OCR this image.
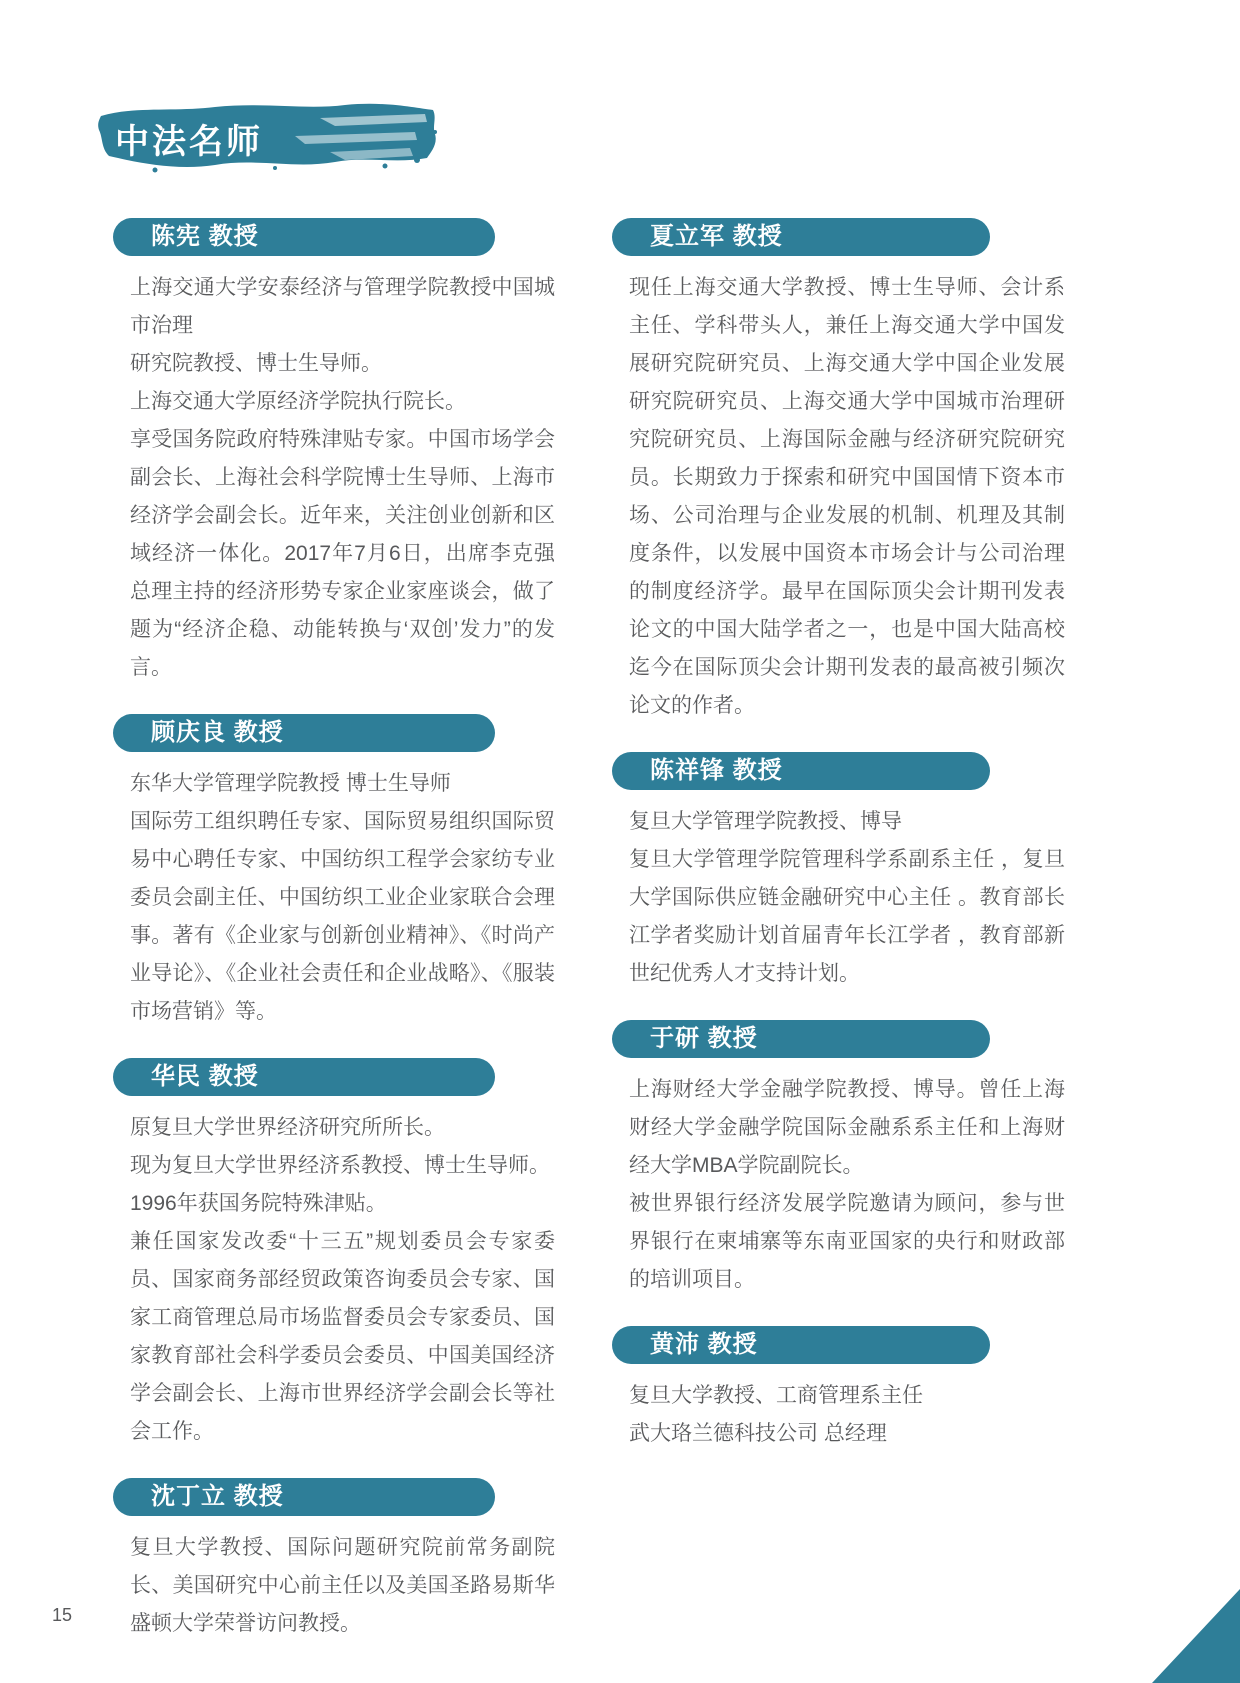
中法名师
陈宪 教授

上海交通大学安泰经济与管理学院教授中国城市治理

研究院教授、博士生导师。

上海交通大学原经济学院执行院长。

享受国务院政府特殊津贴专家。中国市场学会副会长、上海社会科学院博士生导师、上海市经济学会副会长。近年来，关注创业创新和区域经济一体化。2017年7月6日，出席李克强总理主持的经济形势专家企业家座谈会，做了题为“经济企稳、动能转换与‘双创’发力”的发言。

顾庆良 教授

东华大学管理学院教授 博士生导师

国际劳工组织聘任专家、国际贸易组织国际贸易中心聘任专家、中国纺织工程学会家纺专业委员会副主任、中国纺织工业企业家联合会理事。著有《企业家与创新创业精神》、《时尚产业导论》、《企业社会责任和企业战略》、《服装市场营销》等。

华民 教授

原复旦大学世界经济研究所所长。

现为复旦大学世界经济系教授、博士生导师。

1996年获国务院特殊津贴。

兼任国家发改委“十三五”规划委员会专家委员、国家商务部经贸政策咨询委员会专家、国家工商管理总局市场监督委员会专家委员、国家教育部社会科学委员会委员、中国美国经济学会副会长、上海市世界经济学会副会长等社会工作。

沈丁立 教授

复旦大学教授、国际问题研究院前常务副院长、美国研究中心前主任以及美国圣路易斯华盛顿大学荣誉访问教授。

夏立军 教授

现任上海交通大学教授、博士生导师、会计系主任、学科带头人，兼任上海交通大学中国发展研究院研究员、上海交通大学中国企业发展研究院研究员、上海交通大学中国城市治理研究院研究员、上海国际金融与经济研究院研究员。长期致力于探索和研究中国国情下资本市场、公司治理与企业发展的机制、机理及其制度条件，以发展中国资本市场会计与公司治理的制度经济学。最早在国际顶尖会计期刊发表论文的中国大陆学者之一，也是中国大陆高校迄今在国际顶尖会计期刊发表的最高被引频次论文的作者。

陈祥锋 教授

复旦大学管理学院教授、博导

复旦大学管理学院管理科学系副系主任 ，复旦大学国际供应链金融研究中心主任 。教育部长江学者奖励计划首届青年长江学者 ，教育部新世纪优秀人才支持计划。

于研 教授

上海财经大学金融学院教授、博导。曾任上海财经大学金融学院国际金融系系主任和上海财经大学MBA学院副院长。

被世界银行经济发展学院邀请为顾问，参与世界银行在柬埔寨等东南亚国家的央行和财政部的培训项目。

黄沛 教授

复旦大学教授、工商管理系主任

武大珞兰德科技公司 总经理

15
